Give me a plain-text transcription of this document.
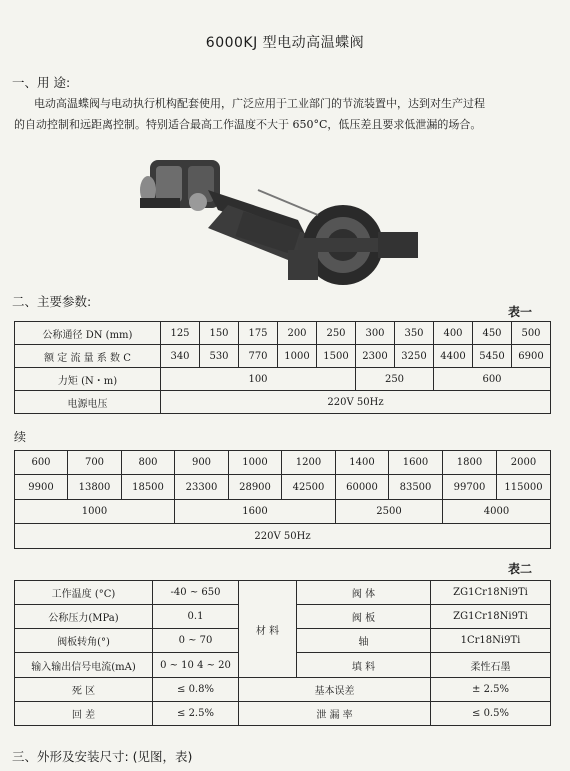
6000KJ 型电动高温蝶阀
一、用 途:
电动高温蝶阀与电动执行机构配套使用，广泛应用于工业部门的节流装置中，达到对生产过程
的自动控制和远距离控制。特别适合最高工作温度不大于 650°C，低压差且要求低泄漏的场合。
二、主要参数:
表一
公称通径 DN (mm)	125	150	175	200	250	300	350	400	450	500
额 定 流 量 系 数 C	340	530	770	1000	1500	2300	3250	4400	5450	6900
力矩 (N・m)	100					250		600		
电源电压	220V 50Hz									
续
600	700	800	900	1000	1200	1400	1600	1800	2000
9900	13800	18500	23300	28900	42500	60000	83500	99700	115000
1000			1600			2500		4000	
220V 50Hz									
表二
工作温度 (°C)	-40 ~ 650	材 料	阀 体	ZG1Cr18Ni9Ti
公称压力(MPa)	0.1		阀 板	ZG1Cr18Ni9Ti
阀板转角(°)	0 ~ 70		轴	1Cr18Ni9Ti
输入输出信号电流(mA)	0 ~ 10 4 ~ 20		填 料	柔性石墨
死 区	≤ 0.8%	基本误差		± 2.5%
回 差	≤ 2.5%	泄 漏 率		≤ 0.5%
三、外形及安装尺寸: (见图，表)
